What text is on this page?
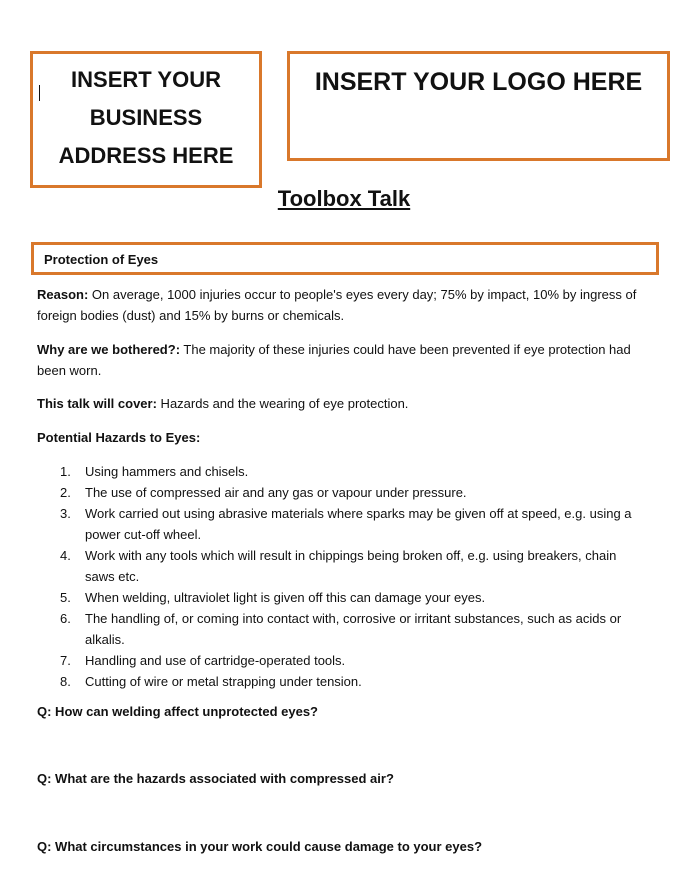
INSERT YOUR
BUSINESS
ADDRESS HERE
INSERT YOUR LOGO HERE
Toolbox Talk
Protection of Eyes
Reason: On average, 1000 injuries occur to people's eyes every day; 75% by impact, 10% by ingress of foreign bodies (dust) and 15% by burns or chemicals.
Why are we bothered?: The majority of these injuries could have been prevented if eye protection had been worn.
This talk will cover: Hazards and the wearing of eye protection.
Potential Hazards to Eyes:
1. Using hammers and chisels.
2. The use of compressed air and any gas or vapour under pressure.
3. Work carried out using abrasive materials where sparks may be given off at speed, e.g. using a power cut-off wheel.
4. Work with any tools which will result in chippings being broken off, e.g. using breakers, chain saws etc.
5. When welding, ultraviolet light is given off this can damage your eyes.
6. The handling of, or coming into contact with, corrosive or irritant substances, such as acids or alkalis.
7. Handling and use of cartridge-operated tools.
8. Cutting of wire or metal strapping under tension.
Q: How can welding affect unprotected eyes?
Q: What are the hazards associated with compressed air?
Q: What circumstances in your work could cause damage to your eyes?
